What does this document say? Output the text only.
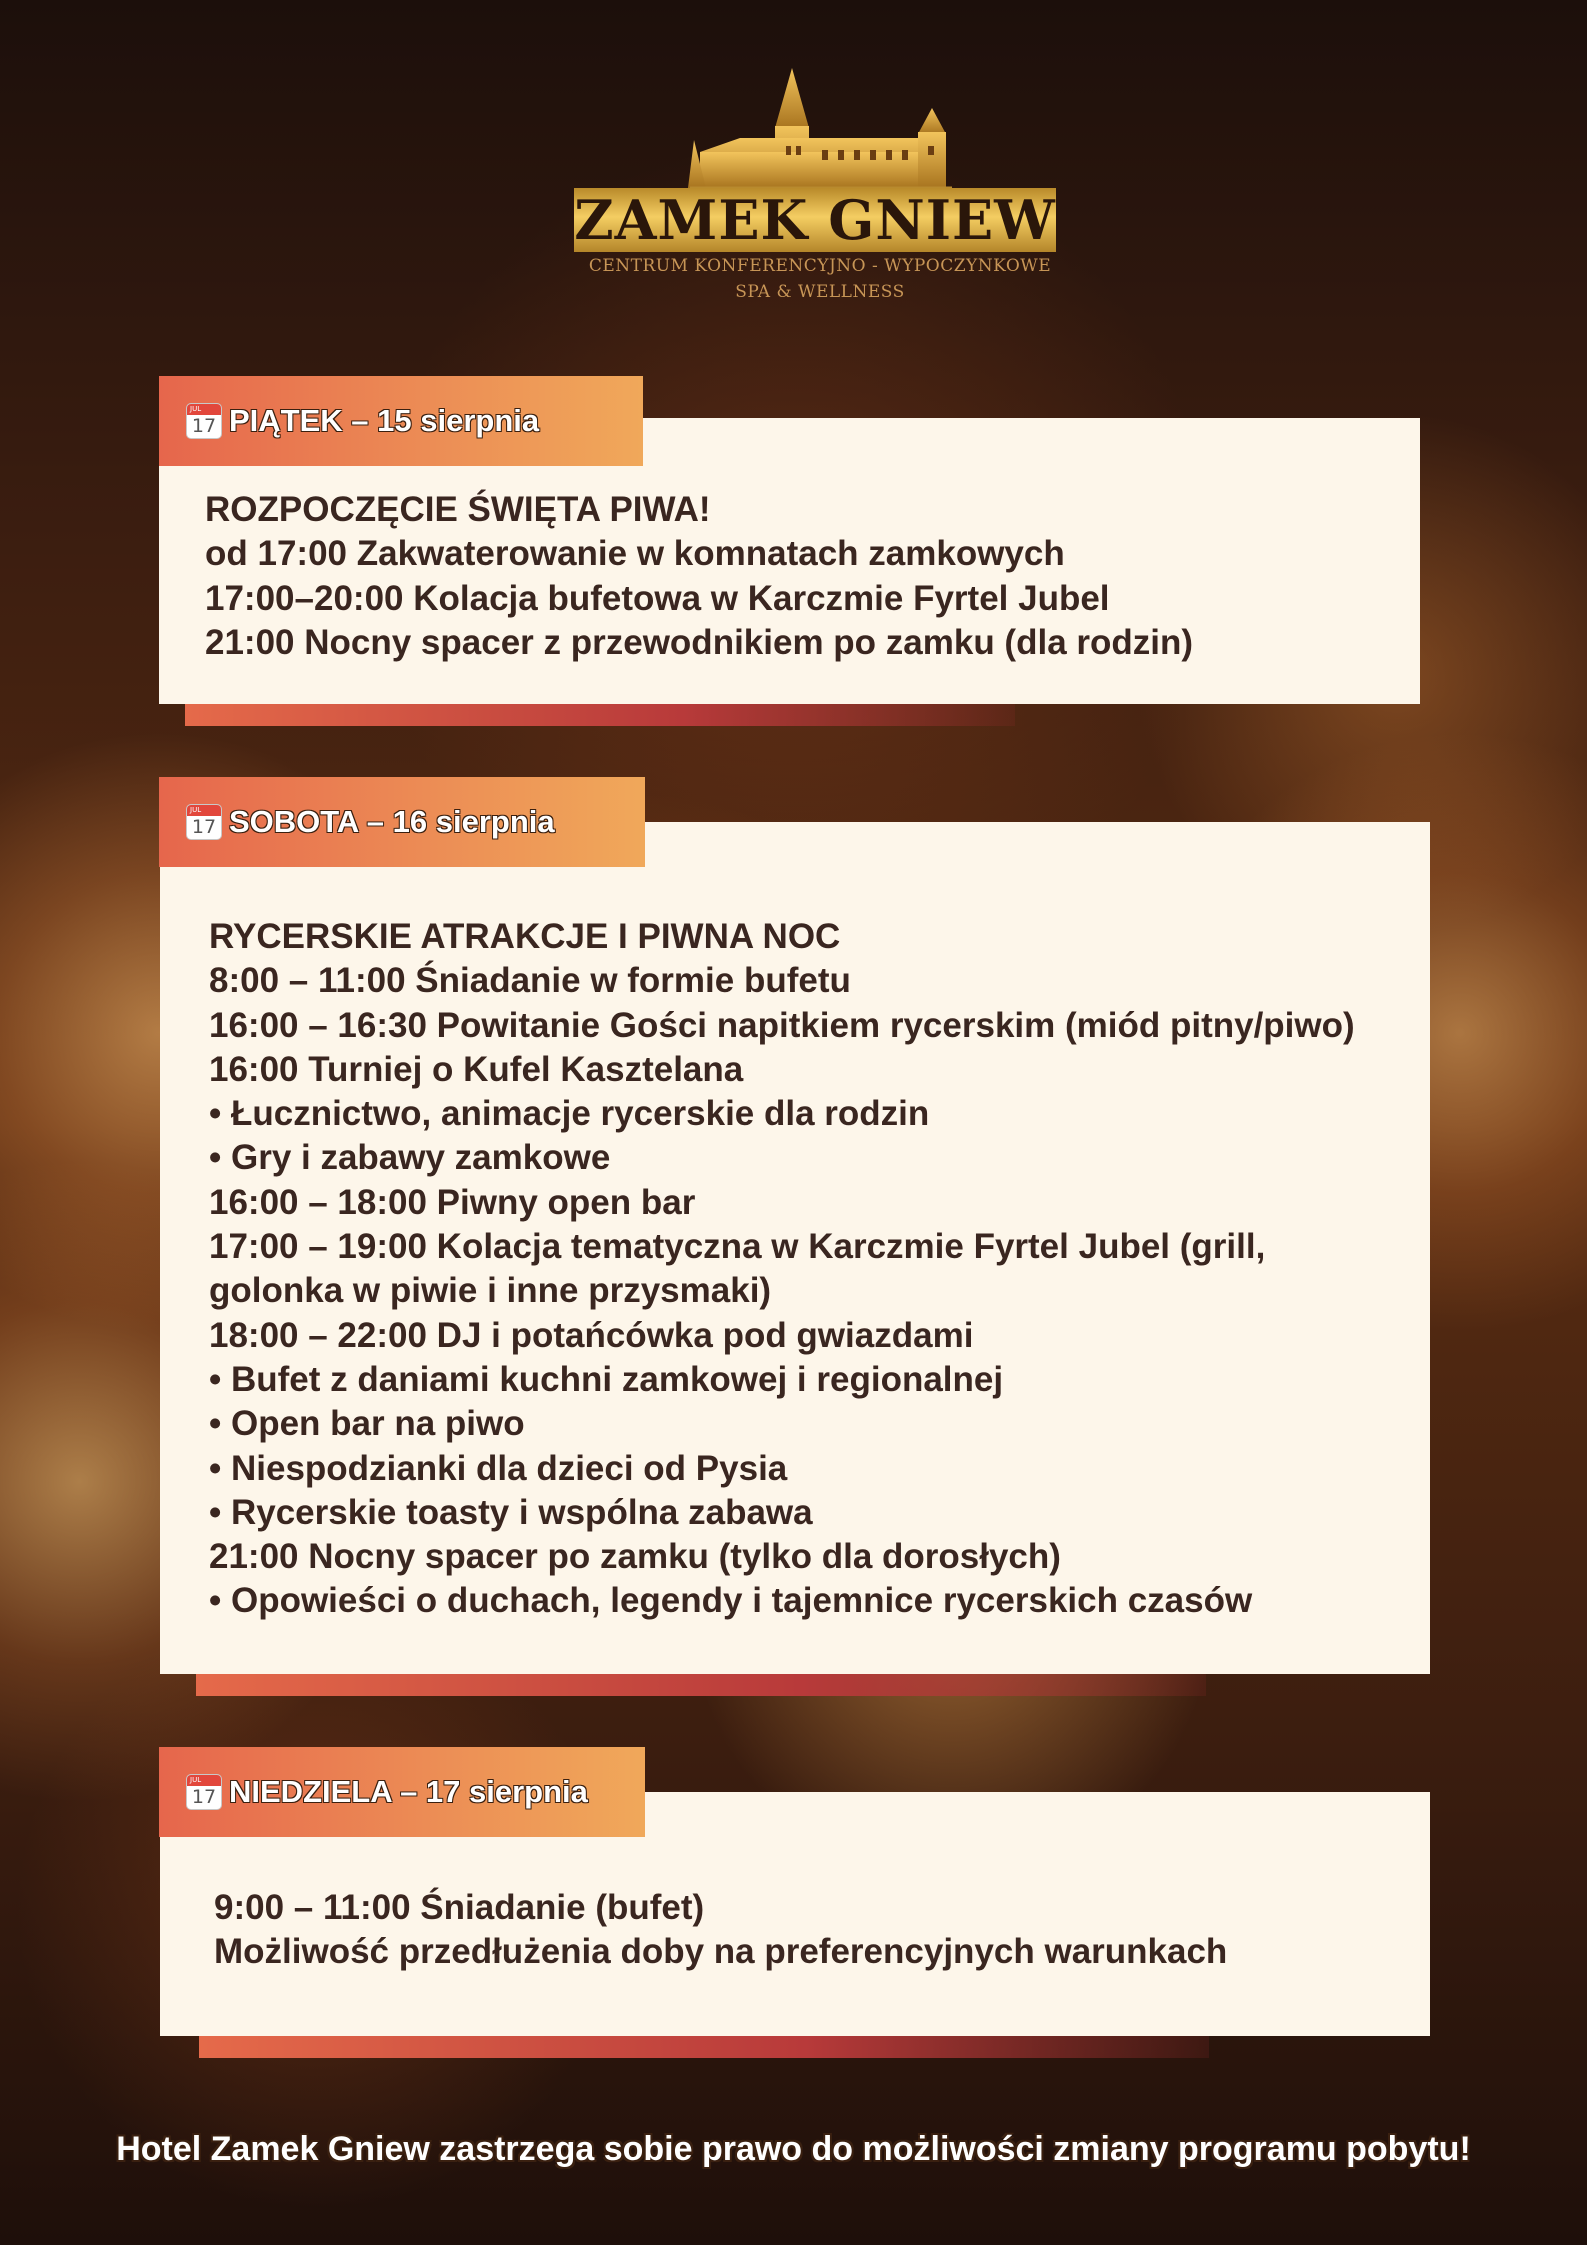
ZAMEK GNIEW
CENTRUM KONFERENCYJNO - WYPOCZYNKOWE
SPA & WELLNESS
ROZPOCZĘCIE ŚWIĘTA PIWA!
od 17:00 Zakwaterowanie w komnatach zamkowych
17:00–20:00 Kolacja bufetowa w Karczmie Fyrtel Jubel
21:00 Nocny spacer z przewodnikiem po zamku (dla rodzin)
JUL
17 PIĄTEK – 15 sierpnia
RYCERSKIE ATRAKCJE I PIWNA NOC
8:00 – 11:00 Śniadanie w formie bufetu
16:00 – 16:30 Powitanie Gości napitkiem rycerskim (miód pitny/piwo)
16:00 Turniej o Kufel Kasztelana
• Łucznictwo, animacje rycerskie dla rodzin
• Gry i zabawy zamkowe
16:00 – 18:00 Piwny open bar
17:00 – 19:00 Kolacja tematyczna w Karczmie Fyrtel Jubel (grill,
golonka w piwie i inne przysmaki)
18:00 – 22:00 DJ i potańcówka pod gwiazdami
• Bufet z daniami kuchni zamkowej i regionalnej
• Open bar na piwo
• Niespodzianki dla dzieci od Pysia
• Rycerskie toasty i wspólna zabawa
21:00 Nocny spacer po zamku (tylko dla dorosłych)
• Opowieści o duchach, legendy i tajemnice rycerskich czasów
JUL
17 SOBOTA – 16 sierpnia
9:00 – 11:00 Śniadanie (bufet)
Możliwość przedłużenia doby na preferencyjnych warunkach
JUL
17 NIEDZIELA – 17 sierpnia
Hotel Zamek Gniew zastrzega sobie prawo do możliwości zmiany programu pobytu!
